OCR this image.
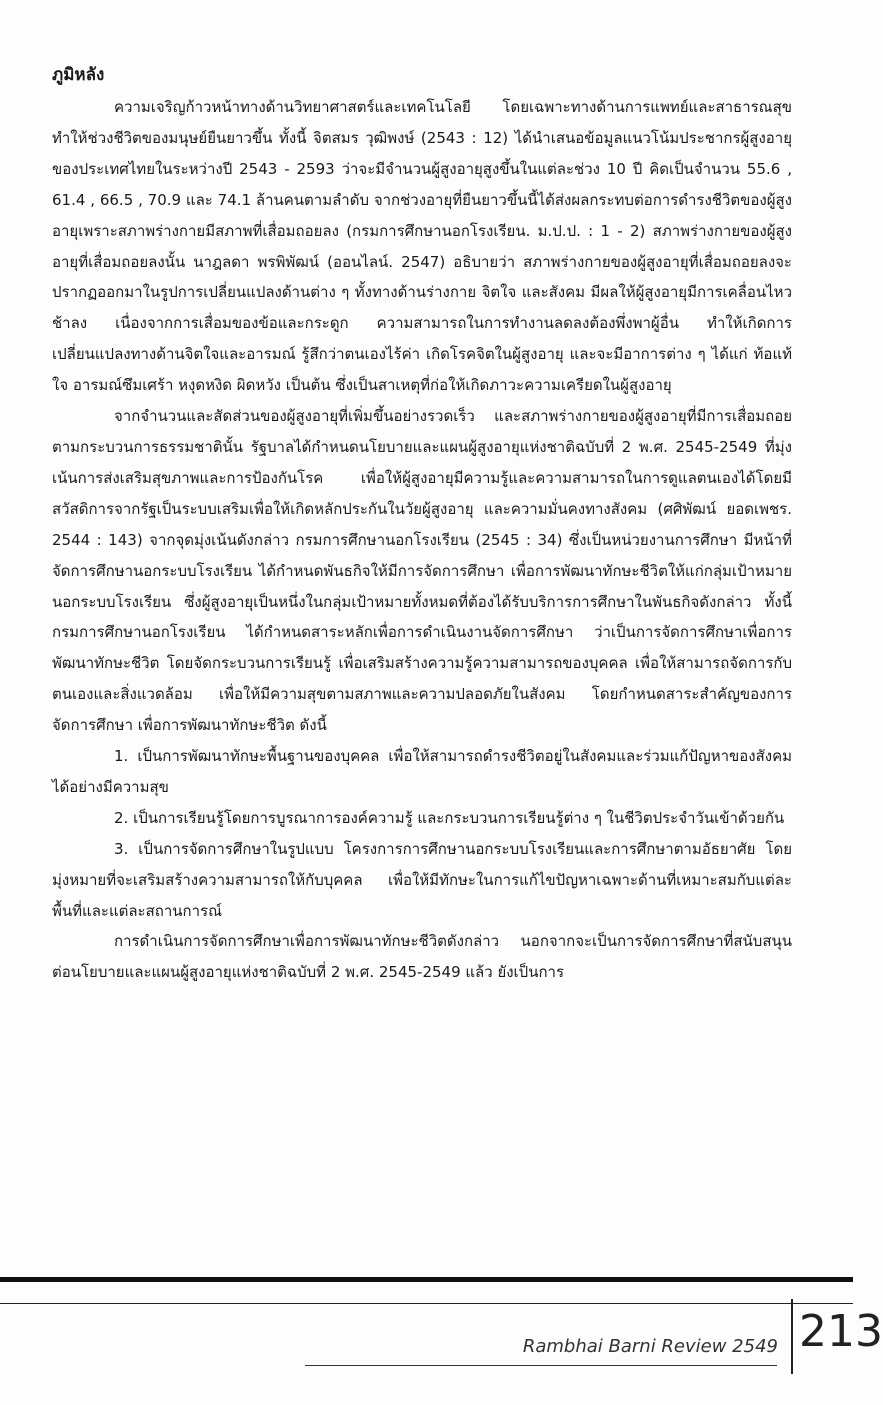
ภูมิหลัง

ความเจริญก้าวหน้าทางด้านวิทยาศาสตร์และเทคโนโลยี โดยเฉพาะทางด้านการแพทย์และสาธารณสุข ทำให้ช่วงชีวิตของมนุษย์ยืนยาวขึ้น ทั้งนี้ จิตสมร วุฒิพงษ์ (2543 : 12) ได้นำเสนอข้อมูลแนวโน้มประชากรผู้สูงอายุของประเทศไทยในระหว่างปี 2543 - 2593 ว่าจะมีจำนวนผู้สูงอายุสูงขึ้นในแต่ละช่วง 10 ปี คิดเป็นจำนวน 55.6 , 61.4 , 66.5 , 70.9 และ 74.1 ล้านคนตามลำดับ จากช่วงอายุที่ยืนยาวขึ้นนี้ได้ส่งผลกระทบต่อการดำรงชีวิตของผู้สูงอายุเพราะสภาพร่างกายมีสภาพที่เสื่อมถอยลง (กรมการศึกษานอกโรงเรียน. ม.ป.ป. : 1 - 2) สภาพร่างกายของผู้สูงอายุที่เสื่อมถอยลงนั้น นาฎลดา พรพิพัฒน์ (ออนไลน์. 2547) อธิบายว่า สภาพร่างกายของผู้สูงอายุที่เสื่อมถอยลงจะปรากฏออกมาในรูปการเปลี่ยนแปลงด้านต่าง ๆ ทั้งทางด้านร่างกาย จิตใจ และสังคม มีผลให้ผู้สูงอายุมีการเคลื่อนไหวช้าลง เนื่องจากการเสื่อมของข้อและกระดูก ความสามารถในการทำงานลดลงต้องพึ่งพาผู้อื่น ทำให้เกิดการเปลี่ยนแปลงทางด้านจิตใจและอารมณ์ รู้สึกว่าตนเองไร้ค่า เกิดโรคจิตในผู้สูงอายุ และจะมีอาการต่าง ๆ ได้แก่ ท้อแท้ใจ อารมณ์ซึมเศร้า หงุดหงิด ผิดหวัง เป็นต้น ซึ่งเป็นสาเหตุที่ก่อให้เกิดภาวะความเครียดในผู้สูงอายุ

จากจำนวนและสัดส่วนของผู้สูงอายุที่เพิ่มขึ้นอย่างรวดเร็ว และสภาพร่างกายของผู้สูงอายุที่มีการเสื่อมถอยตามกระบวนการธรรมชาตินั้น รัฐบาลได้กำหนดนโยบายและแผนผู้สูงอายุแห่งชาติฉบับที่ 2 พ.ศ. 2545-2549 ที่มุ่งเน้นการส่งเสริมสุขภาพและการป้องกันโรค เพื่อให้ผู้สูงอายุมีความรู้และความสามารถในการดูแลตนเองได้โดยมีสวัสดิการจากรัฐเป็นระบบเสริมเพื่อให้เกิดหลักประกันในวัยผู้สูงอายุ และความมั่นคงทางสังคม (ศศิพัฒน์ ยอดเพชร. 2544 : 143) จากจุดมุ่งเน้นดังกล่าว กรมการศึกษานอกโรงเรียน (2545 : 34) ซึ่งเป็นหน่วยงานการศึกษา มีหน้าที่จัดการศึกษานอกระบบโรงเรียน ได้กำหนดพันธกิจให้มีการจัดการศึกษา เพื่อการพัฒนาทักษะชีวิตให้แก่กลุ่มเป้าหมายนอกระบบโรงเรียน ซึ่งผู้สูงอายุเป็นหนึ่งในกลุ่มเป้าหมายทั้งหมดที่ต้องได้รับบริการการศึกษาในพันธกิจดังกล่าว ทั้งนี้ กรมการศึกษานอกโรงเรียน ได้กำหนดสาระหลักเพื่อการดำเนินงานจัดการศึกษา ว่าเป็นการจัดการศึกษาเพื่อการพัฒนาทักษะชีวิต โดยจัดกระบวนการเรียนรู้ เพื่อเสริมสร้างความรู้ความสามารถของบุคคล เพื่อให้สามารถจัดการกับตนเองและสิ่งแวดล้อม เพื่อให้มีความสุขตามสภาพและความปลอดภัยในสังคม โดยกำหนดสาระสำคัญของการจัดการศึกษา เพื่อการพัฒนาทักษะชีวิต ดังนี้

1. เป็นการพัฒนาทักษะพื้นฐานของบุคคล เพื่อให้สามารถดำรงชีวิตอยู่ในสังคมและร่วมแก้ปัญหาของสังคมได้อย่างมีความสุข

2. เป็นการเรียนรู้โดยการบูรณาการองค์ความรู้ และกระบวนการเรียนรู้ต่าง ๆ ในชีวิตประจำวันเข้าด้วยกัน

3. เป็นการจัดการศึกษาในรูปแบบ โครงการการศึกษานอกระบบโรงเรียนและการศึกษาตามอัธยาศัย โดยมุ่งหมายที่จะเสริมสร้างความสามารถให้กับบุคคล เพื่อให้มีทักษะในการแก้ไขปัญหาเฉพาะด้านที่เหมาะสมกับแต่ละพื้นที่และแต่ละสถานการณ์

การดำเนินการจัดการศึกษาเพื่อการพัฒนาทักษะชีวิตดังกล่าว นอกจากจะเป็นการจัดการศึกษาที่สนับสนุนต่อนโยบายและแผนผู้สูงอายุแห่งชาติฉบับที่ 2 พ.ศ. 2545-2549 แล้ว ยังเป็นการ

Rambhai Barni Review 2549 213
